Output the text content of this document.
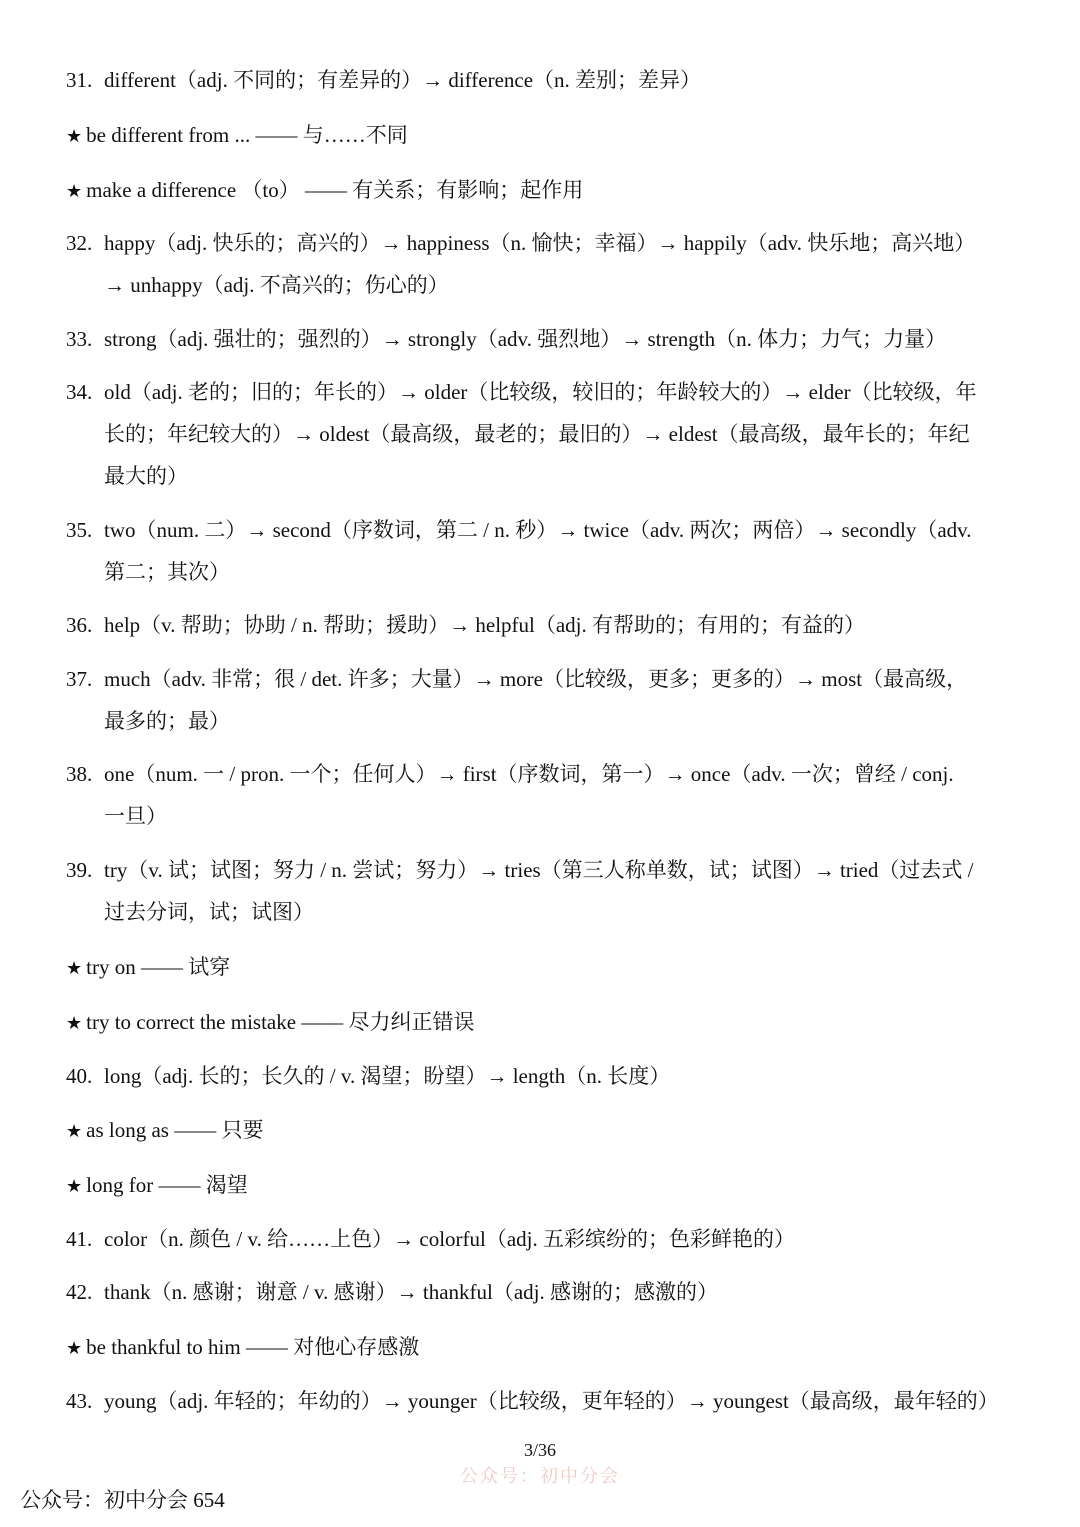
31. different（adj. 不同的；有差异的）→ difference（n. 差别；差异）
★ be different from ... —— 与……不同
★ make a difference （to） —— 有关系；有影响；起作用
32. happy（adj. 快乐的；高兴的）→ happiness（n. 愉快；幸福）→ happily（adv. 快乐地；高兴地）
→ unhappy（adj. 不高兴的；伤心的）
33. strong（adj. 强壮的；强烈的）→ strongly（adv. 强烈地）→ strength（n. 体力；力气；力量）
34. old（adj. 老的；旧的；年长的）→ older（比较级，较旧的；年龄较大的）→ elder（比较级，年
长的；年纪较大的）→ oldest（最高级，最老的；最旧的）→ eldest（最高级，最年长的；年纪
最大的）
35. two（num. 二）→ second（序数词，第二 / n. 秒）→ twice（adv. 两次；两倍）→ secondly（adv.
第二；其次）
36. help（v. 帮助；协助 / n. 帮助；援助）→ helpful（adj. 有帮助的；有用的；有益的）
37. much（adv. 非常；很 / det. 许多；大量）→ more（比较级，更多；更多的）→ most（最高级，
最多的；最）
38. one（num. 一 / pron. 一个；任何人）→ first（序数词，第一）→ once（adv. 一次；曾经 / conj.
一旦）
39. try（v. 试；试图；努力 / n. 尝试；努力）→ tries（第三人称单数，试；试图）→ tried（过去式 /
过去分词，试；试图）
★ try on —— 试穿
★ try to correct the mistake —— 尽力纠正错误
40. long（adj. 长的；长久的 / v. 渴望；盼望）→ length（n. 长度）
★ as long as —— 只要
★ long for —— 渴望
41. color（n. 颜色 / v. 给……上色）→ colorful（adj. 五彩缤纷的；色彩鲜艳的）
42. thank（n. 感谢；谢意 / v. 感谢）→ thankful（adj. 感谢的；感激的）
★ be thankful to him —— 对他心存感激
43. young（adj. 年轻的；年幼的）→ younger（比较级，更年轻的）→ youngest（最高级，最年轻的）
3/36
公众号：初中分会
公众号：初中分会 654
